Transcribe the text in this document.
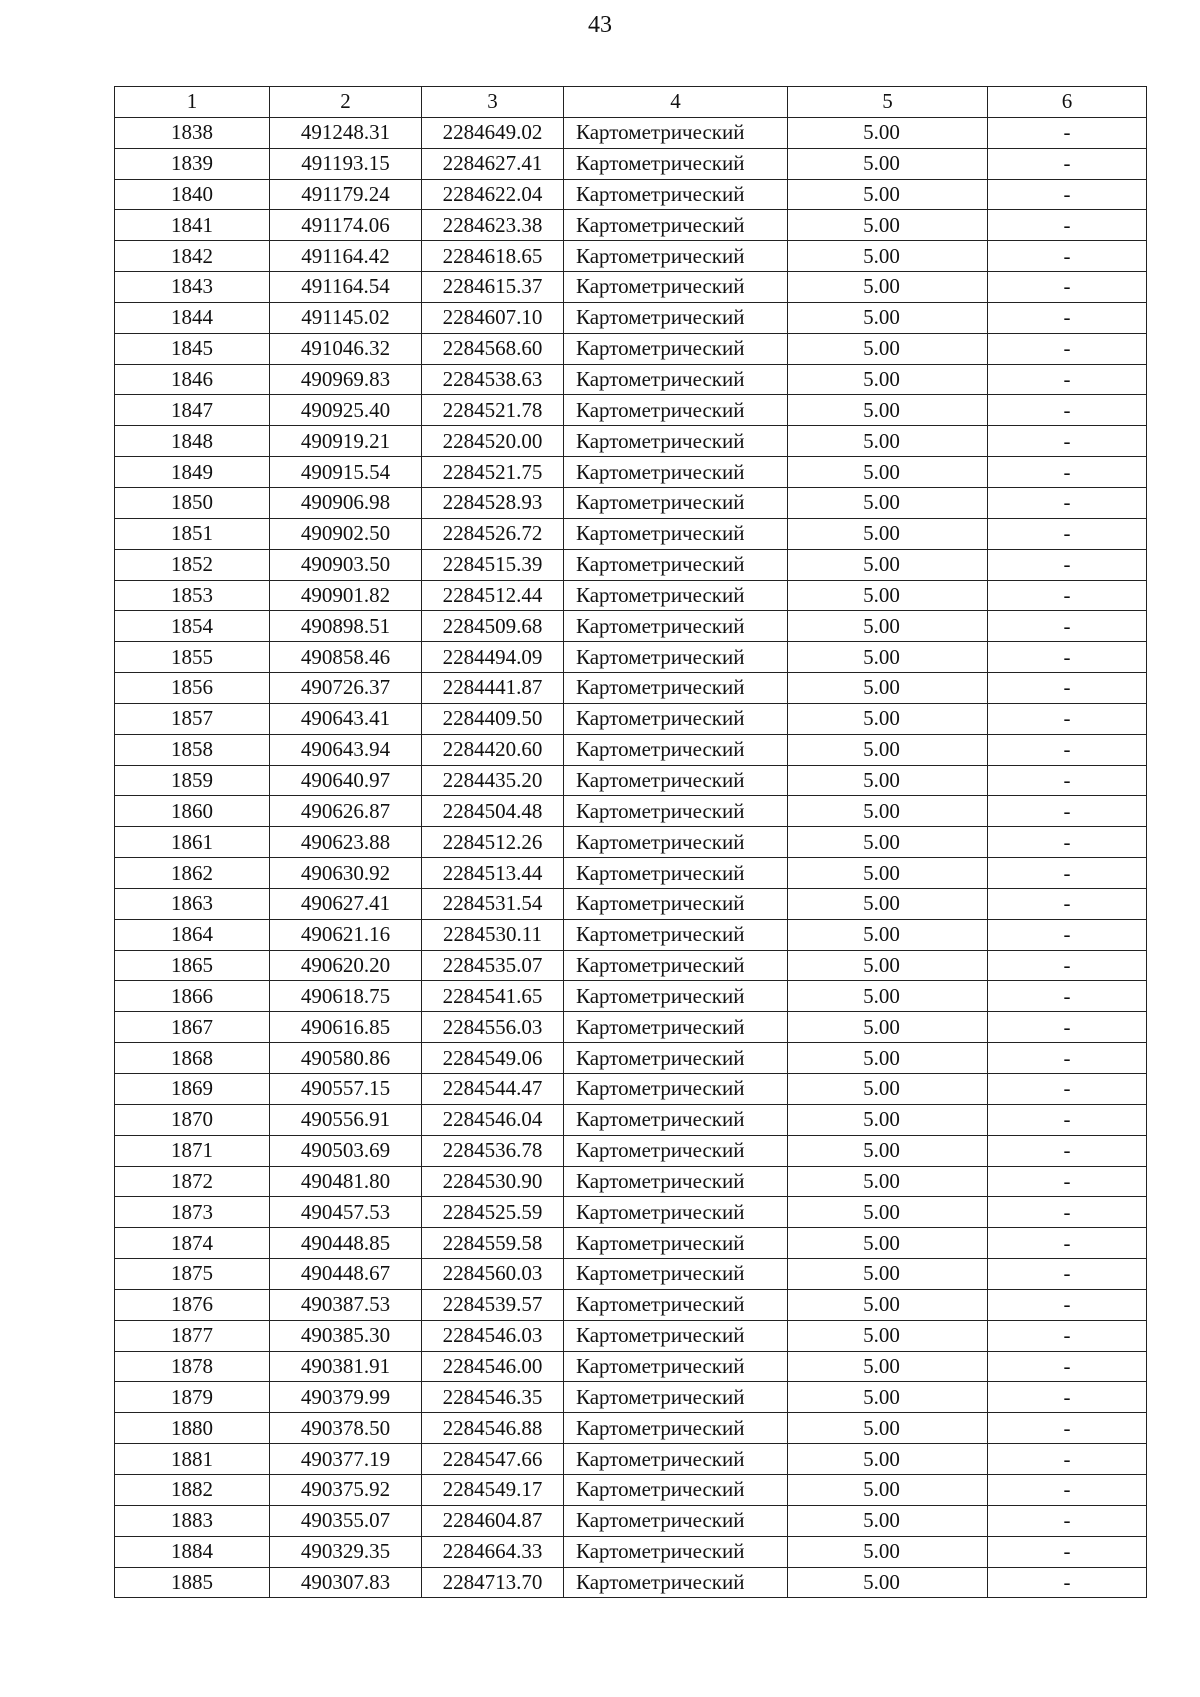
43
1	2	3	4	5	6
1838	491248.31	2284649.02	Картометрический	5.00	-
1839	491193.15	2284627.41	Картометрический	5.00	-
1840	491179.24	2284622.04	Картометрический	5.00	-
1841	491174.06	2284623.38	Картометрический	5.00	-
1842	491164.42	2284618.65	Картометрический	5.00	-
1843	491164.54	2284615.37	Картометрический	5.00	-
1844	491145.02	2284607.10	Картометрический	5.00	-
1845	491046.32	2284568.60	Картометрический	5.00	-
1846	490969.83	2284538.63	Картометрический	5.00	-
1847	490925.40	2284521.78	Картометрический	5.00	-
1848	490919.21	2284520.00	Картометрический	5.00	-
1849	490915.54	2284521.75	Картометрический	5.00	-
1850	490906.98	2284528.93	Картометрический	5.00	-
1851	490902.50	2284526.72	Картометрический	5.00	-
1852	490903.50	2284515.39	Картометрический	5.00	-
1853	490901.82	2284512.44	Картометрический	5.00	-
1854	490898.51	2284509.68	Картометрический	5.00	-
1855	490858.46	2284494.09	Картометрический	5.00	-
1856	490726.37	2284441.87	Картометрический	5.00	-
1857	490643.41	2284409.50	Картометрический	5.00	-
1858	490643.94	2284420.60	Картометрический	5.00	-
1859	490640.97	2284435.20	Картометрический	5.00	-
1860	490626.87	2284504.48	Картометрический	5.00	-
1861	490623.88	2284512.26	Картометрический	5.00	-
1862	490630.92	2284513.44	Картометрический	5.00	-
1863	490627.41	2284531.54	Картометрический	5.00	-
1864	490621.16	2284530.11	Картометрический	5.00	-
1865	490620.20	2284535.07	Картометрический	5.00	-
1866	490618.75	2284541.65	Картометрический	5.00	-
1867	490616.85	2284556.03	Картометрический	5.00	-
1868	490580.86	2284549.06	Картометрический	5.00	-
1869	490557.15	2284544.47	Картометрический	5.00	-
1870	490556.91	2284546.04	Картометрический	5.00	-
1871	490503.69	2284536.78	Картометрический	5.00	-
1872	490481.80	2284530.90	Картометрический	5.00	-
1873	490457.53	2284525.59	Картометрический	5.00	-
1874	490448.85	2284559.58	Картометрический	5.00	-
1875	490448.67	2284560.03	Картометрический	5.00	-
1876	490387.53	2284539.57	Картометрический	5.00	-
1877	490385.30	2284546.03	Картометрический	5.00	-
1878	490381.91	2284546.00	Картометрический	5.00	-
1879	490379.99	2284546.35	Картометрический	5.00	-
1880	490378.50	2284546.88	Картометрический	5.00	-
1881	490377.19	2284547.66	Картометрический	5.00	-
1882	490375.92	2284549.17	Картометрический	5.00	-
1883	490355.07	2284604.87	Картометрический	5.00	-
1884	490329.35	2284664.33	Картометрический	5.00	-
1885	490307.83	2284713.70	Картометрический	5.00	-
